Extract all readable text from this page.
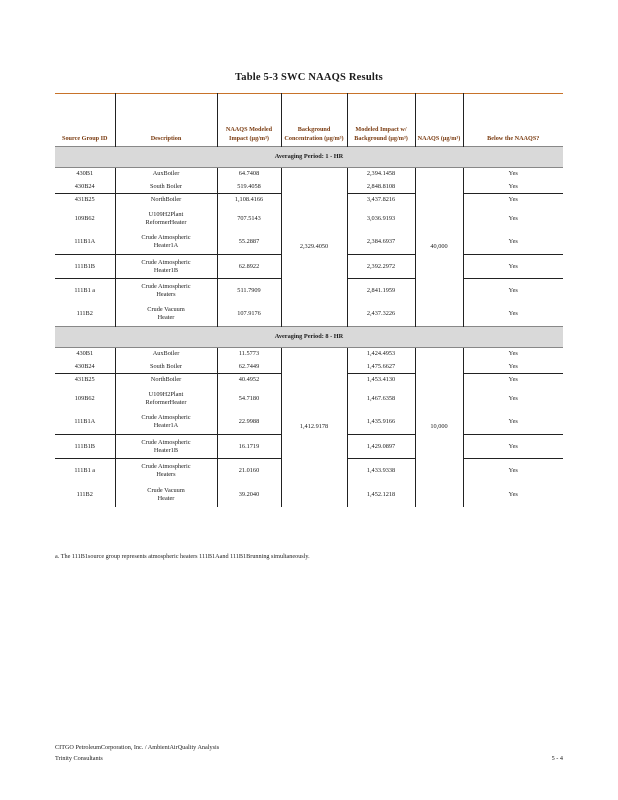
Table 5-3 SWC NAAQS Results
Source Group ID	Description	NAAQS Modeled Impact (μg/m³)	Background Concentration (μg/m³)	Modeled Impact w/ Background (μg/m³)	NAAQS (μg/m³)	Below the NAAQS?
Averaging Period: 1 - HR						
430B1	AuxBoiler	64.7408	2,329.4050	2,394.1458	40,000	Yes
430B24	South Boiler	519.4058		2,848.8108		Yes
431B25	NorthBoiler	1,108.4166		3,437.8216		Yes
109B62	U109H2Plant
ReformerHeater	707.5143		3,036.9193		Yes
111B1A	Crude Atmospheric
Heater1A	55.2887		2,384.6937		Yes
111B1B	Crude Atmospheric
Heater1B	62.8922		2,392.2972		Yes
111B1 a	Crude Atmospheric
Heaters	511.7909		2,841.1959		Yes
111B2	Crude Vacuum
Heater	107.9176		2,437.3226		Yes
Averaging Period: 8 - HR						
430B1	AuxBoiler	11.5773	1,412.9178	1,424.4953	10,000	Yes
430B24	South Boiler	62.7449		1,475.6627		Yes
431B25	NorthBoiler	40.4952		1,453.4130		Yes
109B62	U109H2Plant
ReformerHeater	54.7180		1,467.6358		Yes
111B1A	Crude Atmospheric
Heater1A	22.9988		1,435.9166		Yes
111B1B	Crude Atmospheric
Heater1B	16.1719		1,429.0897		Yes
111B1 a	Crude Atmospheric
Heaters	21.0160		1,433.9338		Yes
111B2	Crude Vacuum
Heater	39.2040		1,452.1218		Yes
a. The 111B1source group represents atmospheric heaters 111B1Aand 111B1Brunning simultaneously.
CITGO PetroleumCorporation, Inc. / AmbientAirQuality Analysis
Trinity Consultants	5 - 4
